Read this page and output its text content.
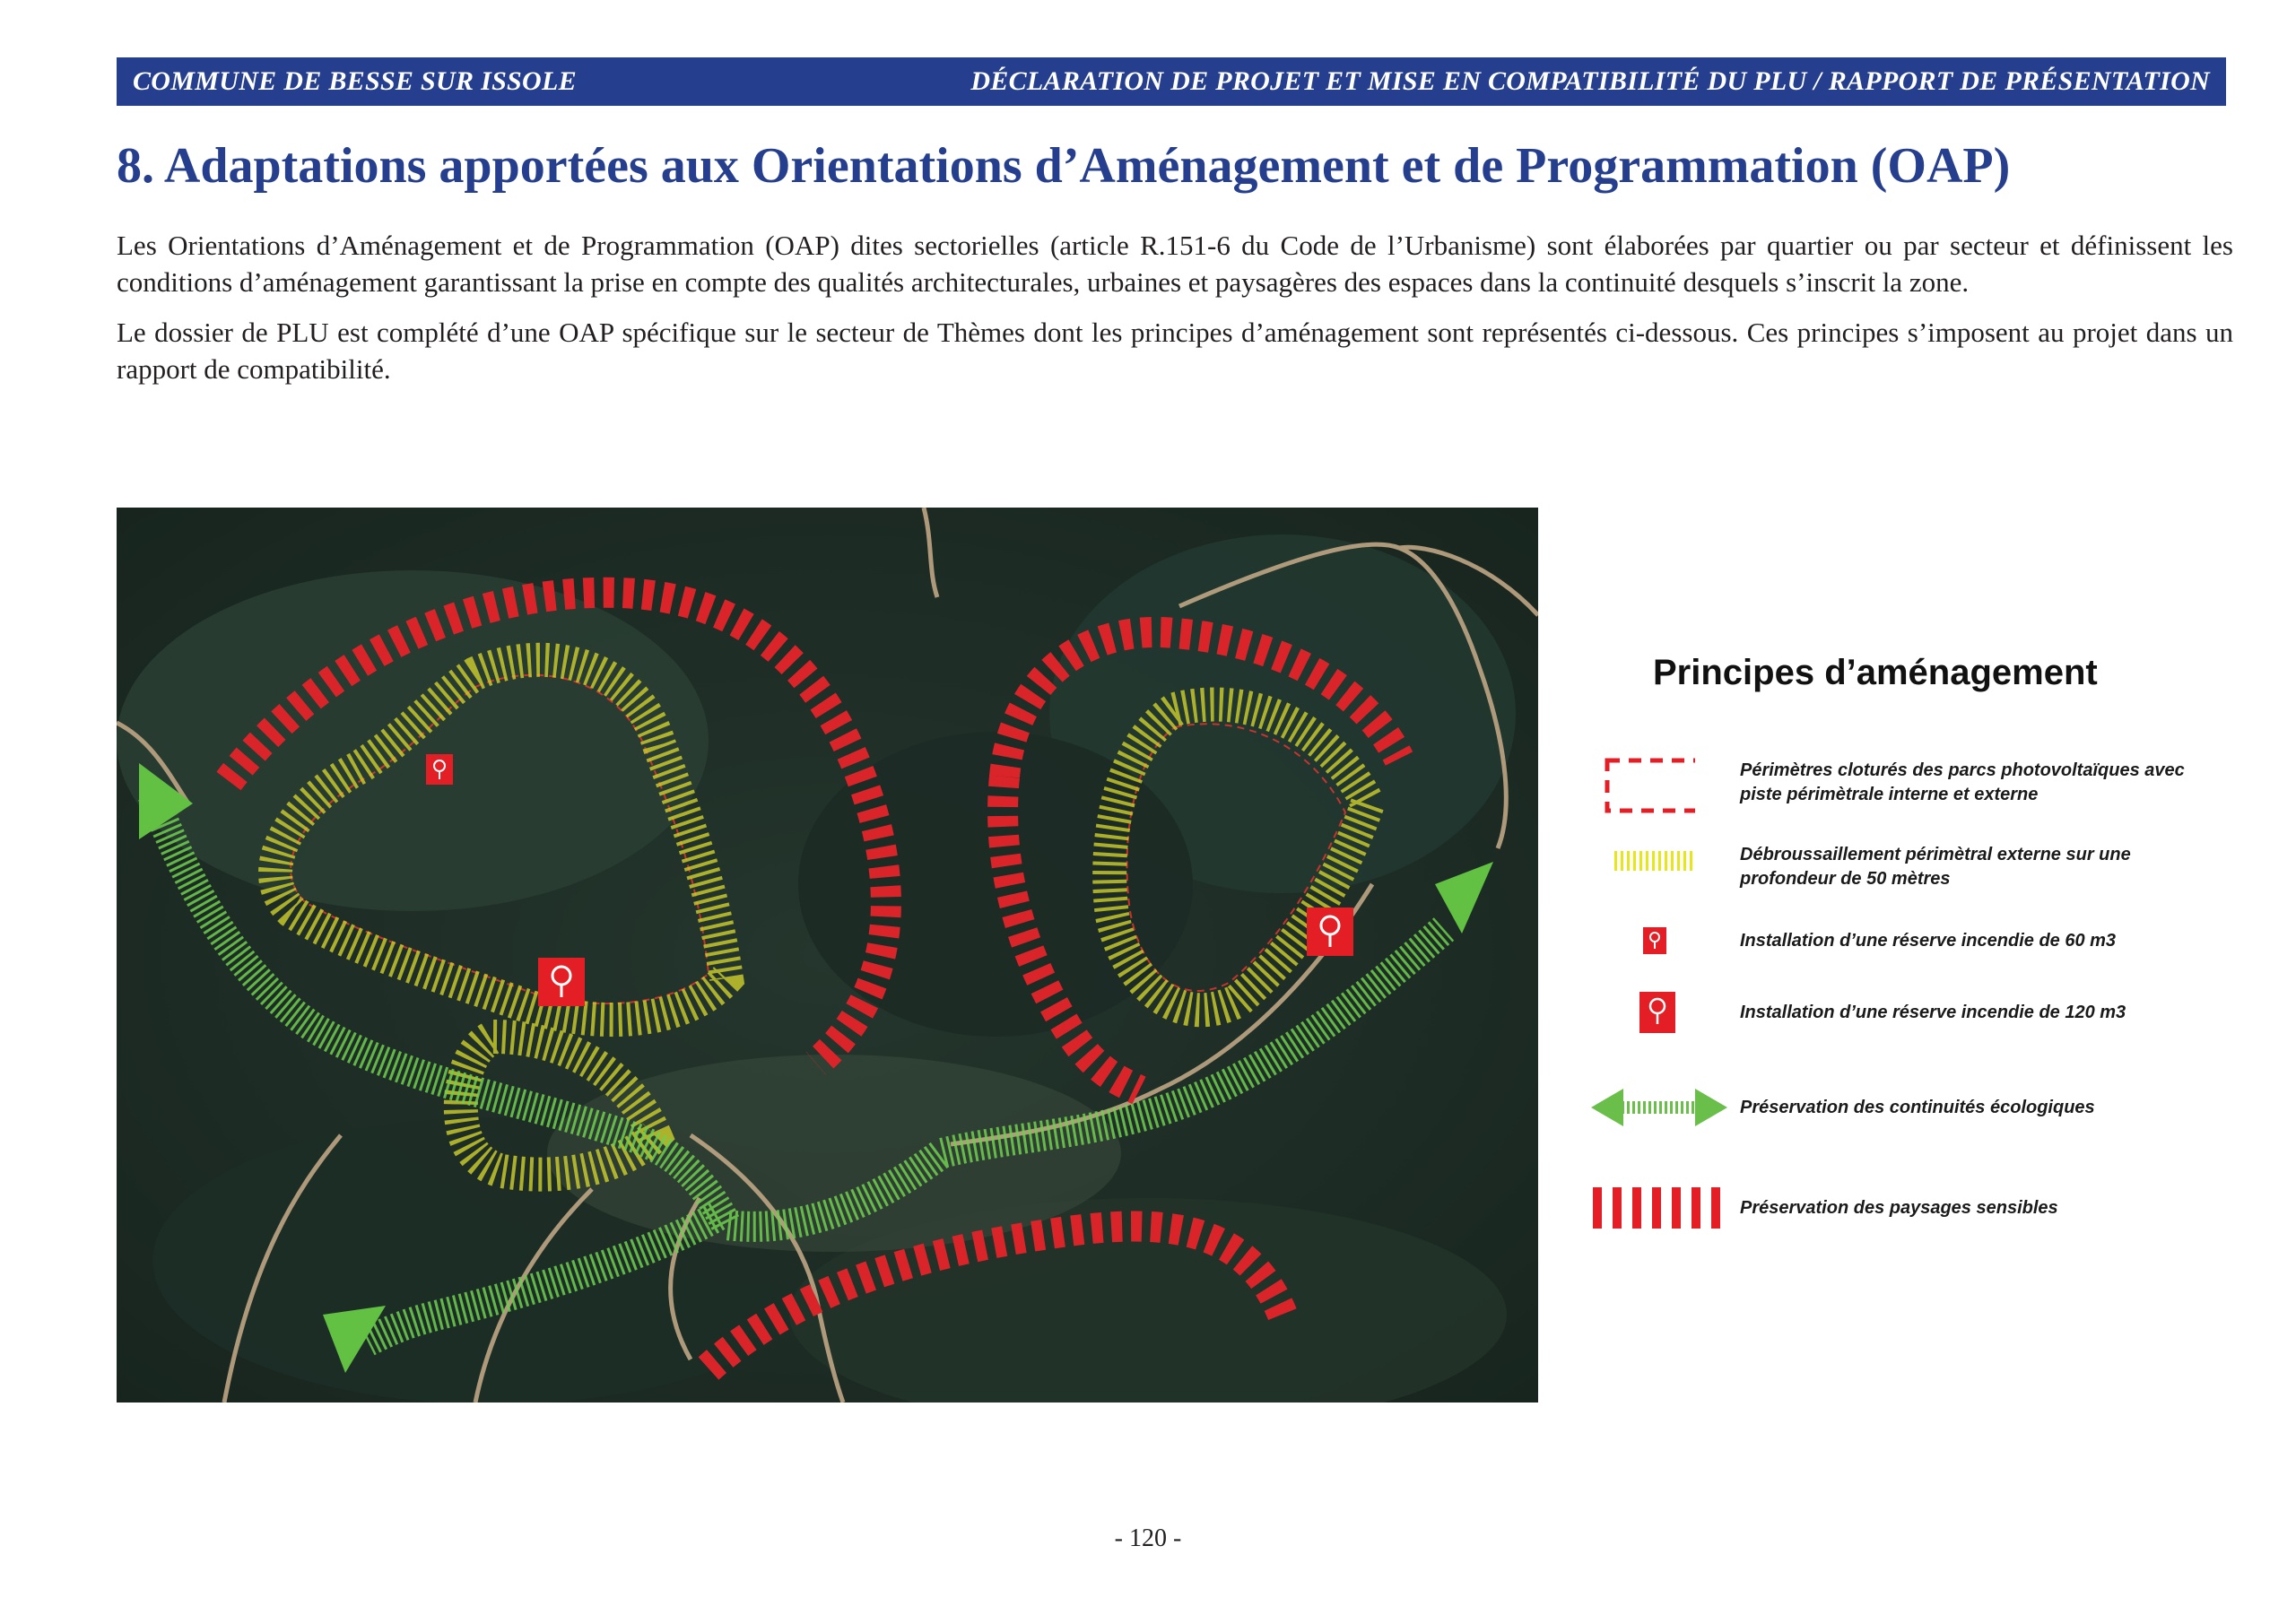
COMMUNE DE BESSE SUR ISSOLE	DÉCLARATION DE PROJET ET MISE EN COMPATIBILITÉ DU PLU / RAPPORT DE PRÉSENTATION
8. Adaptations apportées aux Orientations d’Aménagement et de Programmation (OAP)

Les Orientations d’Aménagement et de Programmation (OAP) dites sectorielles (article R.151-6 du Code de l’Urbanisme) sont élaborées par quartier ou par secteur et définissent les conditions d’aménagement garantissant la prise en compte des qualités architecturales, urbaines et paysagères des espaces dans la continuité desquels s’inscrit la zone.

Le dossier de PLU est complété d’une OAP spécifique sur le secteur de Thèmes dont les principes d’aménagement sont représentés ci-dessous. Ces principes s’imposent au projet dans un rapport de compatibilité.

Principes d’aménagement
Périmètres cloturés des parcs photovoltaïques avec
piste périmètrale interne et externe
Débroussaillement périmètral externe sur une
profondeur de 50 mètres
Installation d’une réserve incendie de 60 m3
Installation d’une réserve incendie de 120 m3
Préservation des continuités écologiques
Préservation des paysages sensibles
- 120 -
